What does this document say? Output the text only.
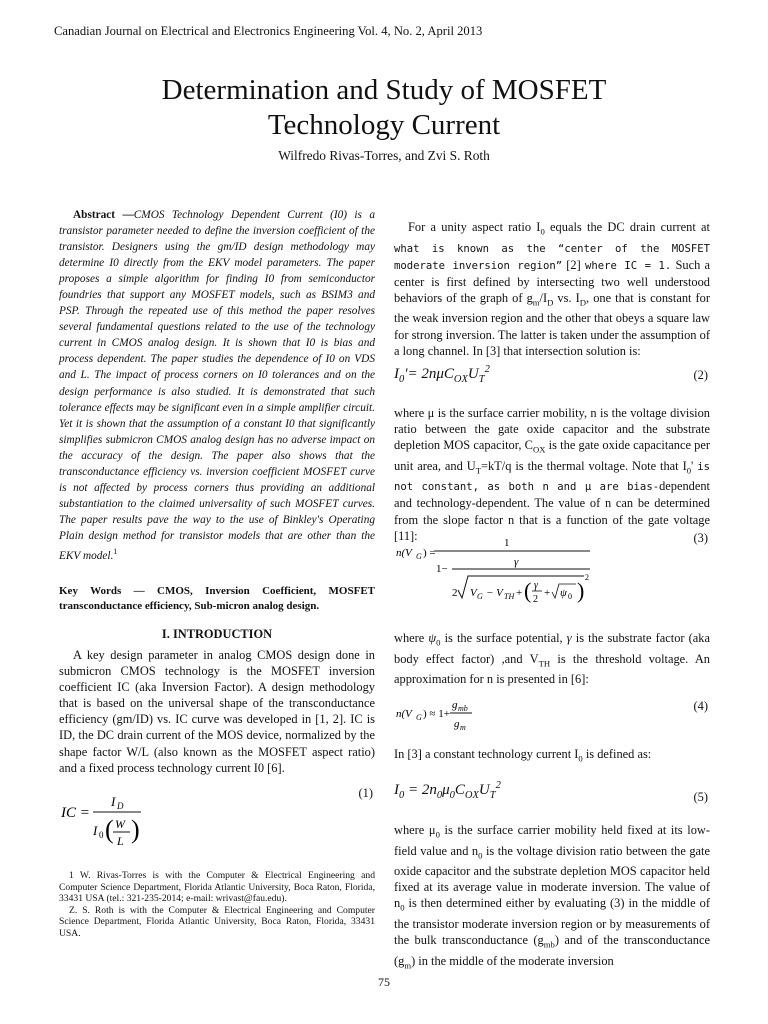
Canadian Journal on Electrical and Electronics Engineering Vol. 4, No. 2, April 2013
Determination and Study of MOSFET
Technology Current
Wilfredo Rivas-Torres, and Zvi S. Roth
Abstract —CMOS Technology Dependent Current (I0) is a transistor parameter needed to define the inversion coefficient of the transistor. Designers using the gm/ID design methodology may determine I0 directly from the EKV model parameters. The paper proposes a simple algorithm for finding I0 from semiconductor foundries that support any MOSFET models, such as BSIM3 and PSP. Through the repeated use of this method the paper resolves several fundamental questions related to the use of the technology current in CMOS analog design. It is shown that I0 is bias and process dependent. The paper studies the dependence of I0 on VDS and L. The impact of process corners on I0 tolerances and on the design performance is also studied. It is demonstrated that such tolerance effects may be significant even in a simple amplifier circuit. Yet it is shown that the assumption of a constant I0 that significantly simplifies submicron CMOS analog design has no adverse impact on the accuracy of the design. The paper also shows that the transconductance efficiency vs. inversion coefficient MOSFET curve is not affected by process corners thus providing an additional substantiation to the claimed universality of such MOSFET curves. The paper results pave the way to the use of Binkley's Operating Plain design method for transistor models that are other than the EKV model.$^1$
Key Words — CMOS, Inversion Coefficient, MOSFET transconductance efficiency, Sub-micron analog design.
I. INTRODUCTION
A key design parameter in analog CMOS design done in submicron CMOS technology is the MOSFET inversion coefficient IC (aka Inversion Factor). A design methodology that is based on the universal shape of the transconductance efficiency (gm/ID) vs. IC curve was developed in [1, 2]. IC is ID, the DC drain current of the MOS device, normalized by the shape factor W/L (also known as the MOSFET aspect ratio) and a fixed process technology current I0 [6].
IC =
I D
I 0 ( W
L )
(1)

1 W. Rivas-Torres is with the Computer & Electrical Engineering and Computer Science Department, Florida Atlantic University, Boca Raton, Florida, 33431 USA (tel.: 321-235-2014; e-mail: wrivast@fau.edu).

Z. S. Roth is with the Computer & Electrical Engineering and Computer Science Department, Florida Atlantic University, Boca Raton, Florida, 33431 USA.

For a unity aspect ratio $I_0$ equals the DC drain current at what is known as the “center of the MOSFET moderate inversion region” [2] where IC = 1. Such a center is first defined by intersecting two well understood behaviors of the graph of $g_m/I_D$ vs. $I_D$, one that is constant for the weak inversion region and the other that obeys a square law for strong inversion. The latter is taken under the assumption of a long channel. In [3] that intersection solution is:
$I_0'= 2n\mu C_{OX}U_T^2$	(2)
where μ is the surface carrier mobility, n is the voltage division ratio between the gate oxide capacitor and the substrate depletion MOS capacitor, $C_{OX}$ is the gate oxide capacitance per unit area, and $U_T=kT/q$ is the thermal voltage. Note that $I_0'$ is not constant, as both n and μ are bias-dependent and technology-dependent. The value of n can be determined from the slope factor n that is a function of the gate voltage [11]:
n(V G ) =
1
1−
γ
2 V G − V TH + ( γ
2
+ ψ 0 )
2
(3)
where $\psi_0$ is the surface potential, γ is the substrate factor (aka body effect factor) ,and $V_{TH}$ is the threshold voltage. An approximation for n is presented in [6]:
n(V G ) ≈ 1+
g mb
g m
(4)
In [3] a constant technology current $I_0$ is defined as:
$I_0 = 2n_0\mu_0C_{OX}U_T^2$
(5)
where $\mu_0$ is the surface carrier mobility held fixed at its low-field value and $n_0$ is the voltage division ratio between the gate oxide capacitor and the substrate depletion MOS capacitor held fixed at its average value in moderate inversion. The value of $n_0$ is then determined either by evaluating (3) in the middle of the transistor moderate inversion region or by measurements of the bulk transconductance $(g_{mb})$ and of the transconductance $(g_m)$ in the middle of the moderate inversion
75
